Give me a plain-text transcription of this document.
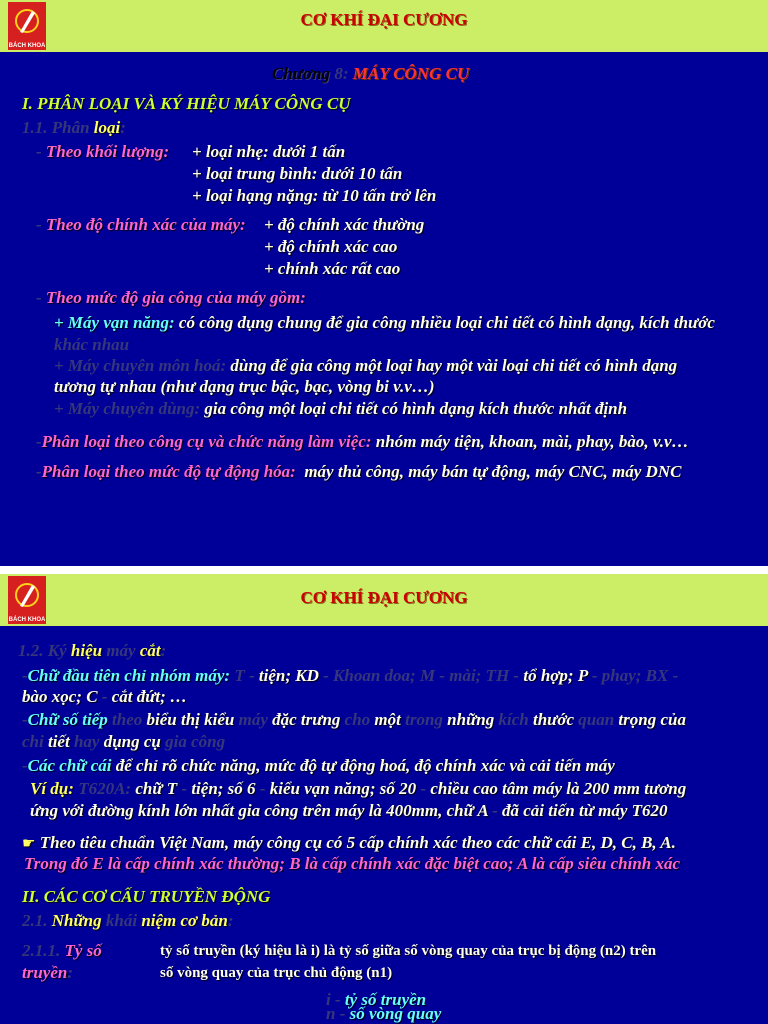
BÁCH KHOA
CƠ KHÍ ĐẠI CƯƠNG
Chương 8: MÁY CÔNG CỤ
I. PHÂN LOẠI VÀ KÝ HIỆU MÁY CÔNG CỤ
1.1. Phân loại:
- Theo khối lượng: + loại nhẹ: dưới 1 tấn
+ loại trung bình: dưới 10 tấn
+ loại hạng nặng: từ 10 tấn trở lên
- Theo độ chính xác của máy: + độ chính xác thường
+ độ chính xác cao
+ chính xác rất cao
- Theo mức độ gia công của máy gồm:
+ Máy vạn năng: có công dụng chung để gia công nhiều loại chi tiết có hình dạng, kích thước
khác nhau
+ Máy chuyên môn hoá: dùng để gia công một loại hay một vài loại chi tiết có hình dạng
tương tự nhau (như dạng trục bậc, bạc, vòng bi v.v…)
+ Máy chuyên dùng: gia công một loại chi tiết có hình dạng kích thước nhất định
-Phân loại theo công cụ và chức năng làm việc: nhóm máy tiện, khoan, mài, phay, bào, v.v…
-Phân loại theo mức độ tự động hóa: máy thủ công, máy bán tự động, máy CNC, máy DNC
BÁCH KHOA
CƠ KHÍ ĐẠI CƯƠNG
1.2. Ký hiệu máy cắt:
-Chữ đầu tiên chỉ nhóm máy: T - tiện; KD - Khoan doa; M - mài; TH - tổ hợp; P - phay; BX -
bào xọc; C - cắt đứt; …
-Chữ số tiếp theo biểu thị kiểu máy đặc trưng cho một trong những kích thước quan trọng của
chi tiết hay dụng cụ gia công
-Các chữ cái để chỉ rõ chức năng, mức độ tự động hoá, độ chính xác và cải tiến máy
Ví dụ: T620A: chữ T - tiện; số 6 - kiểu vạn năng; số 20 - chiều cao tâm máy là 200 mm tương
ứng với đường kính lớn nhất gia công trên máy là 400mm, chữ A - đã cải tiến từ máy T620
☛ Theo tiêu chuẩn Việt Nam, máy công cụ có 5 cấp chính xác theo các chữ cái E, D, C, B, A.
Trong đó E là cấp chính xác thường; B là cấp chính xác đặc biệt cao; A là cấp siêu chính xác
II. CÁC CƠ CẤU TRUYỀN ĐỘNG
2.1. Những khái niệm cơ bản:
2.1.1. Tỷ số	tỷ số truyền (ký hiệu là i) là tỷ số giữa số vòng quay của trục bị động (n2) trên
truyền:	số vòng quay của trục chủ động (n1)
i - tỷ số truyền
n - số vòng quay
